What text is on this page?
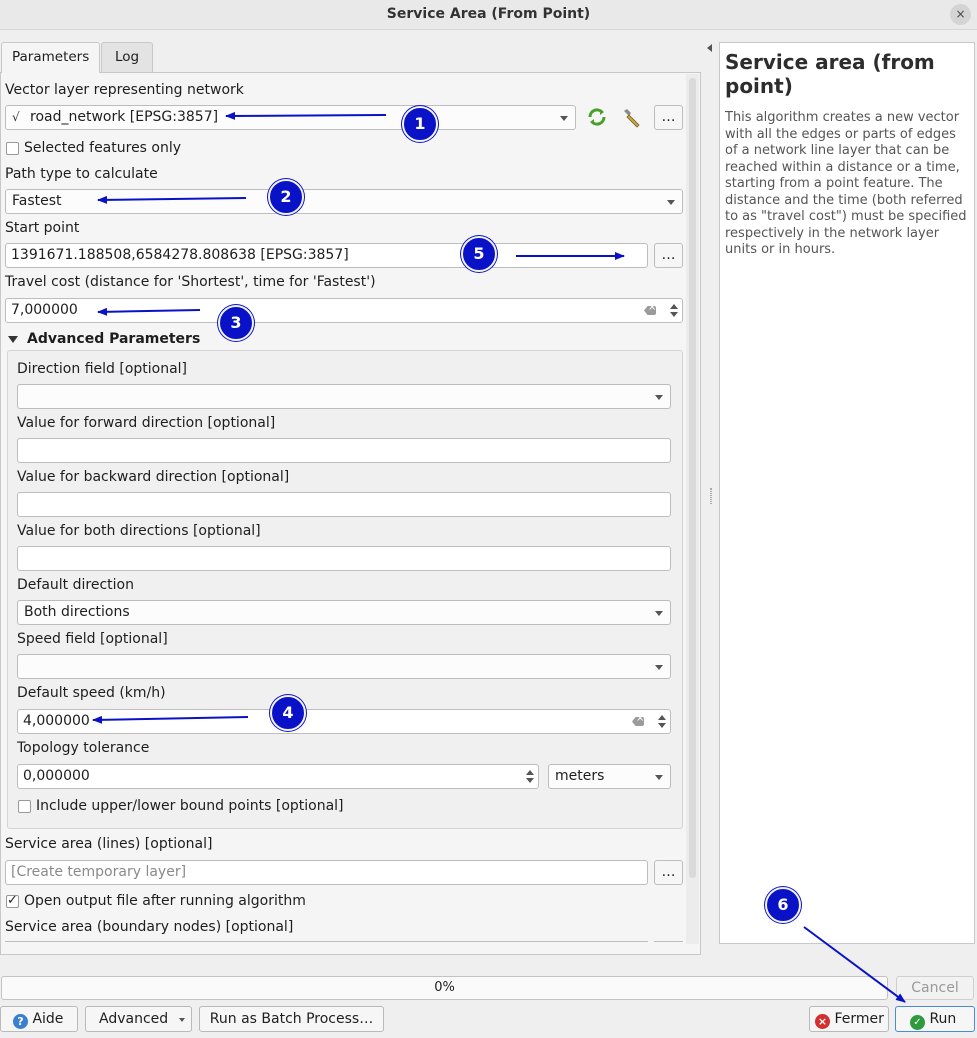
Service Area (From Point)	×
Parameters	Log
Vector layer representing network
√ road_network [EPSG:3857]	…
Selected features only
Path type to calculate
Fastest
Start point
1391671.188508,6584278.808638 [EPSG:3857]	…
Travel cost (distance for 'Shortest', time for 'Fastest')
7,000000
×
Advanced Parameters
Direction field [optional]
Value for forward direction [optional]
Value for backward direction [optional]
Value for both directions [optional]
Default direction
Both directions
Speed field [optional]
Default speed (km/h)
4,000000
×
Topology tolerance
0,000000	meters
Include upper/lower bound points [optional]
Service area (lines) [optional]
[Create temporary layer]	…
✓
Open output file after running algorithm
Service area (boundary nodes) [optional]
Service area (from point)
This algorithm creates a new vector with all the edges or parts of edges of a network line layer that can be reached within a distance or a time, starting from a point feature. The distance and the time (both referred to as "travel cost") must be specified respectively in the network layer units or in hours.
0%	Cancel
? Aide	Advanced	Run as Batch Process…	× Fermer	✓ Run
1
2
3
4
5
6
